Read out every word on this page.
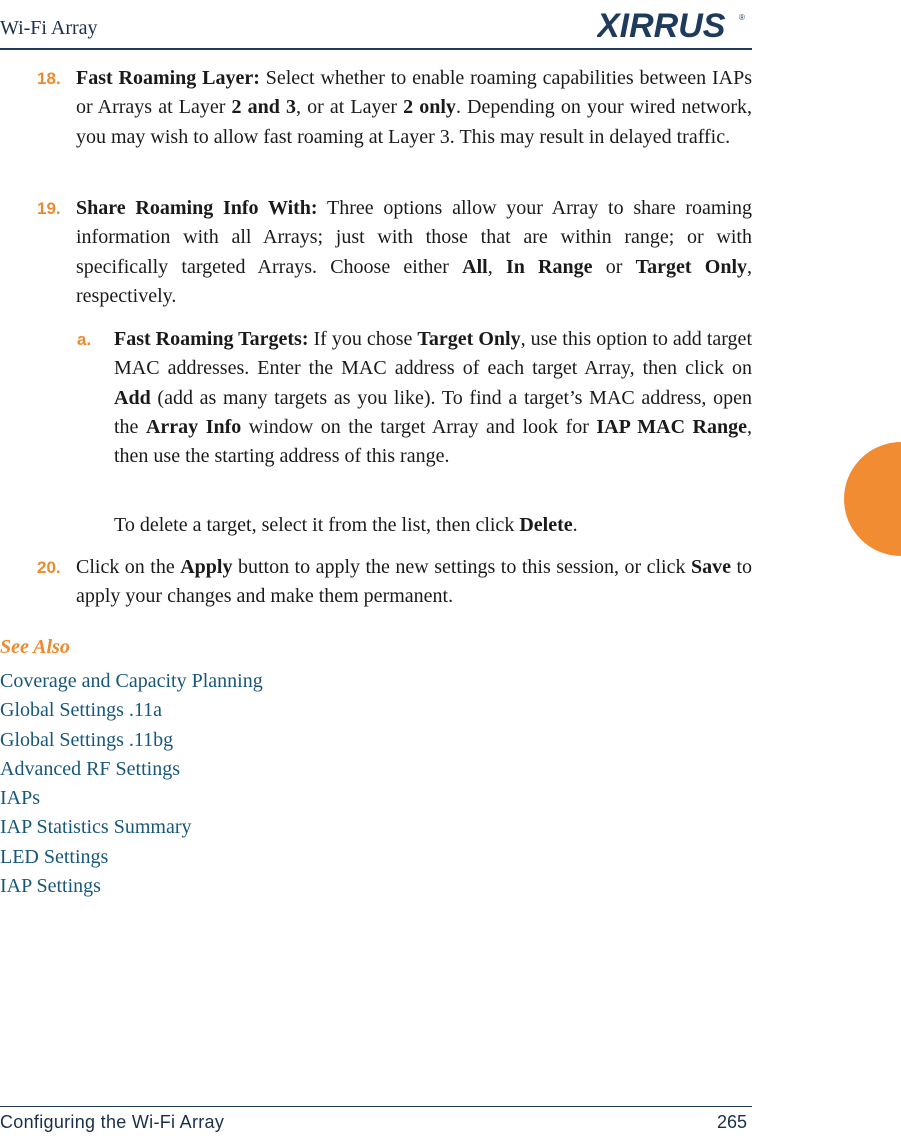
Wi-Fi Array	XIRRUS ®
18. Fast Roaming Layer: Select whether to enable roaming capabilities between IAPs or Arrays at Layer 2 and 3, or at Layer 2 only. Depending on your wired network, you may wish to allow fast roaming at Layer 3. This may result in delayed traffic.
19. Share Roaming Info With: Three options allow your Array to share roaming information with all Arrays; just with those that are within range; or with specifically targeted Arrays. Choose either All, In Range or Target Only, respectively.
a. Fast Roaming Targets: If you chose Target Only, use this option to add target MAC addresses. Enter the MAC address of each target Array, then click on Add (add as many targets as you like). To find a target’s MAC address, open the Array Info window on the target Array and look for IAP MAC Range, then use the starting address of this range.
To delete a target, select it from the list, then click Delete.
20. Click on the Apply button to apply the new settings to this session, or click Save to apply your changes and make them permanent.
See Also
Coverage and Capacity Planning
Global Settings .11a
Global Settings .11bg
Advanced RF Settings
IAPs
IAP Statistics Summary
LED Settings
IAP Settings
Configuring the Wi-Fi Array	265
